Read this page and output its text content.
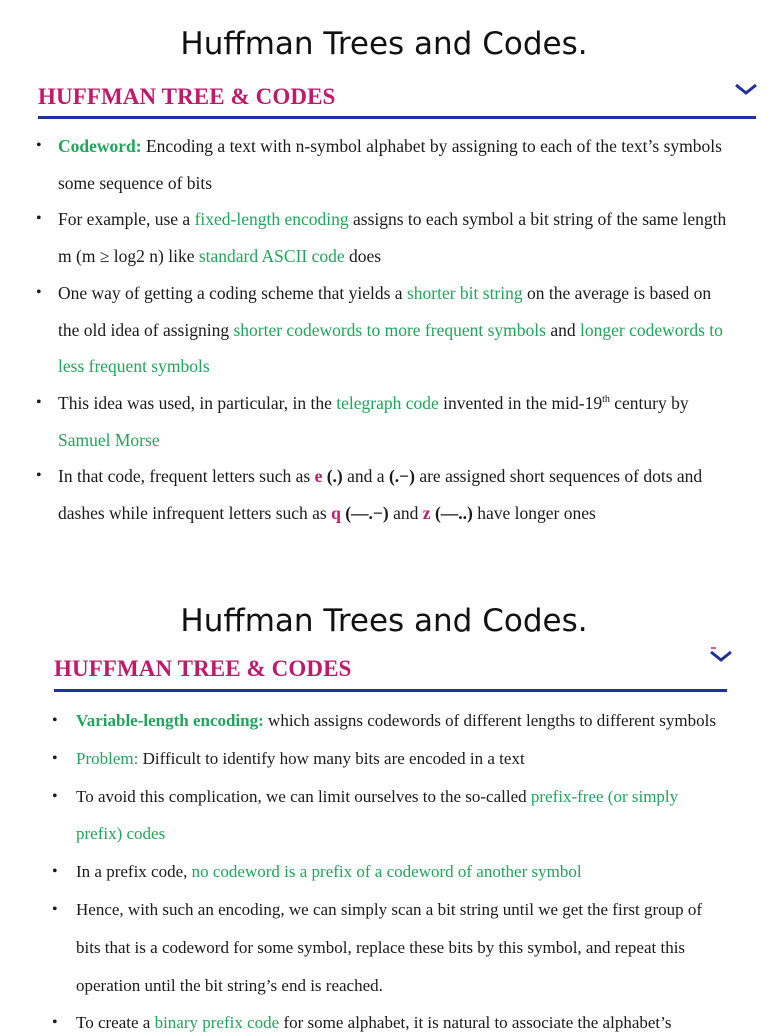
Huffman Trees and Codes.
HUFFMAN TREE & CODES
• Codeword: Encoding a text with n-symbol alphabet by assigning to each of the text’s symbols
some sequence of bits
• For example, use a fixed-length encoding assigns to each symbol a bit string of the same length
m (m ≥ log2 n) like standard ASCII code does
• One way of getting a coding scheme that yields a shorter bit string on the average is based on
the old idea of assigning shorter codewords to more frequent symbols and longer codewords to
less frequent symbols
• This idea was used, in particular, in the telegraph code invented in the mid-19th century by
Samuel Morse
• In that code, frequent letters such as e (.) and a (.−) are assigned short sequences of dots and
dashes while infrequent letters such as q (—.−) and z (—..) have longer ones
Huffman Trees and Codes.
HUFFMAN TREE & CODES
• Variable-length encoding: which assigns codewords of different lengths to different symbols
• Problem: Difficult to identify how many bits are encoded in a text
• To avoid this complication, we can limit ourselves to the so-called prefix-free (or simply
prefix) codes
• In a prefix code, no codeword is a prefix of a codeword of another symbol
• Hence, with such an encoding, we can simply scan a bit string until we get the first group of
bits that is a codeword for some symbol, replace these bits by this symbol, and repeat this
operation until the bit string’s end is reached.
• To create a binary prefix code for some alphabet, it is natural to associate the alphabet’s
